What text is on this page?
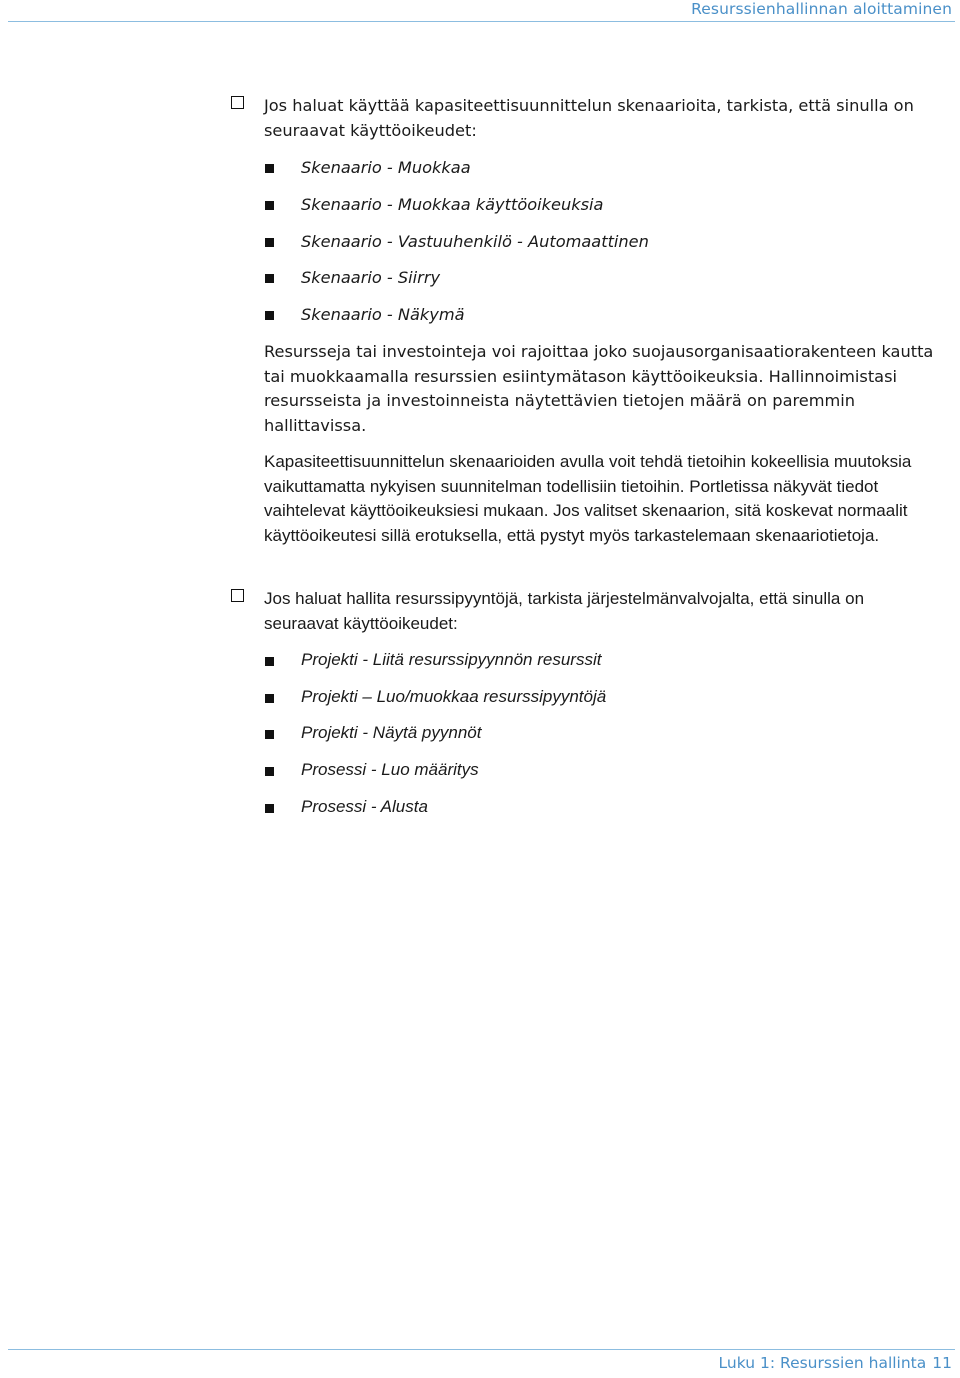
Resurssienhallinnan aloittaminen

Jos haluat käyttää kapasiteettisuunnittelun skenaarioita, tarkista, että sinulla on seuraavat käyttöoikeudet:

Skenaario - Muokkaa
Skenaario - Muokkaa käyttöoikeuksia
Skenaario - Vastuuhenkilö - Automaattinen
Skenaario - Siirry
Skenaario - Näkymä

Resursseja tai investointeja voi rajoittaa joko suojausorganisaatiorakenteen kautta tai muokkaamalla resurssien esiintymätason käyttöoikeuksia. Hallinnoimistasi resursseista ja investoinneista näytettävien tietojen määrä on paremmin hallittavissa.

Kapasiteettisuunnittelun skenaarioiden avulla voit tehdä tietoihin kokeellisia muutoksia vaikuttamatta nykyisen suunnitelman todellisiin tietoihin. Portletissa näkyvät tiedot vaihtelevat käyttöoikeuksiesi mukaan. Jos valitset skenaarion, sitä koskevat normaalit käyttöoikeutesi sillä erotuksella, että pystyt myös tarkastelemaan skenaariotietoja.

Jos haluat hallita resurssipyyntöjä, tarkista järjestelmänvalvojalta, että sinulla on seuraavat käyttöoikeudet:

Projekti - Liitä resurssipyynnön resurssit
Projekti – Luo/muokkaa resurssipyyntöjä
Projekti - Näytä pyynnöt
Prosessi - Luo määritys
Prosessi - Alusta
Luku 1: Resurssien hallinta 11
